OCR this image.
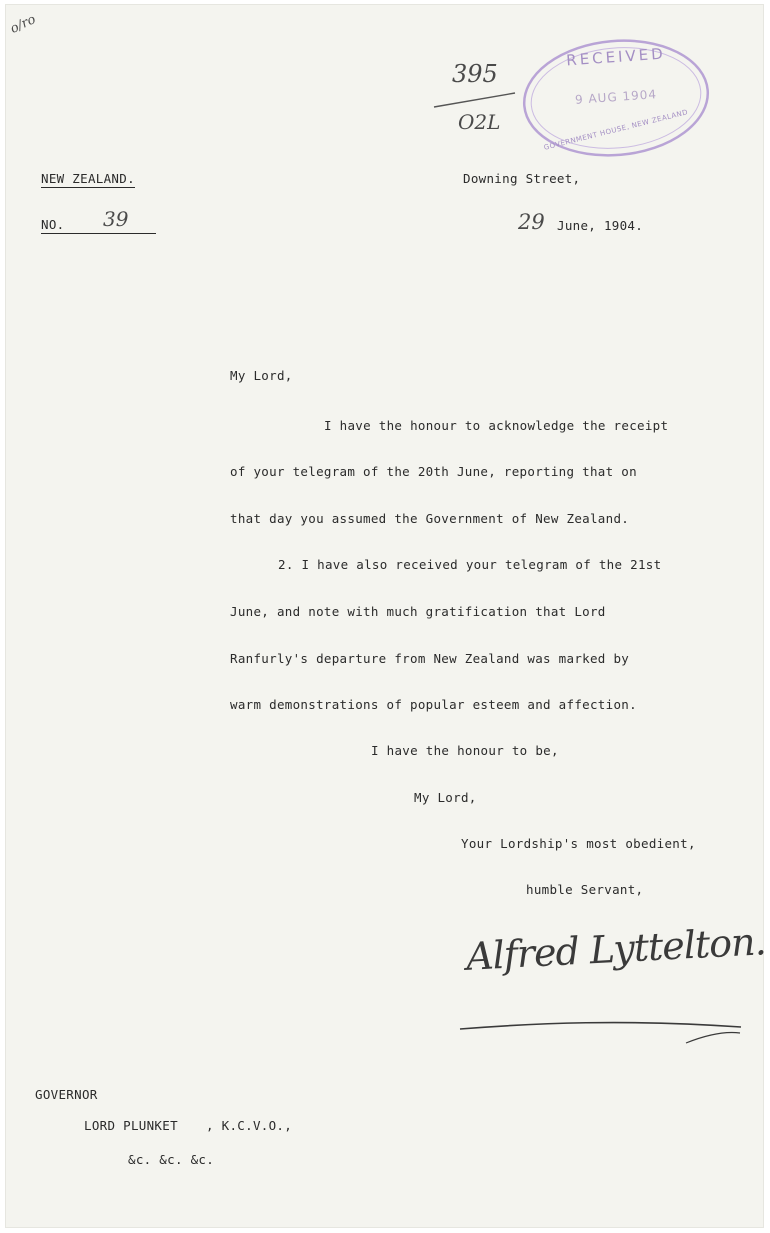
o/ro
395
O2L
RECEIVED
9 AUG 1904
GOVERNMENT HOUSE, NEW ZEALAND
NEW ZEALAND.
NO. 39
Downing Street,
29 June, 1904.
My Lord,
I have the honour to acknowledge the receipt
of your telegram of the 20th June, reporting that on
that day you assumed the Government of New Zealand.
2. I have also received your telegram of the 21st
June, and note with much gratification that Lord
Ranfurly's departure from New Zealand was marked by
warm demonstrations of popular esteem and affection.
I have the honour to be,
My Lord,
Your Lordship's most obedient,
humble Servant,
Alfred Lyttelton.
GOVERNOR
LORD PLUNKET , K.C.V.O.,
&c. &c. &c.
